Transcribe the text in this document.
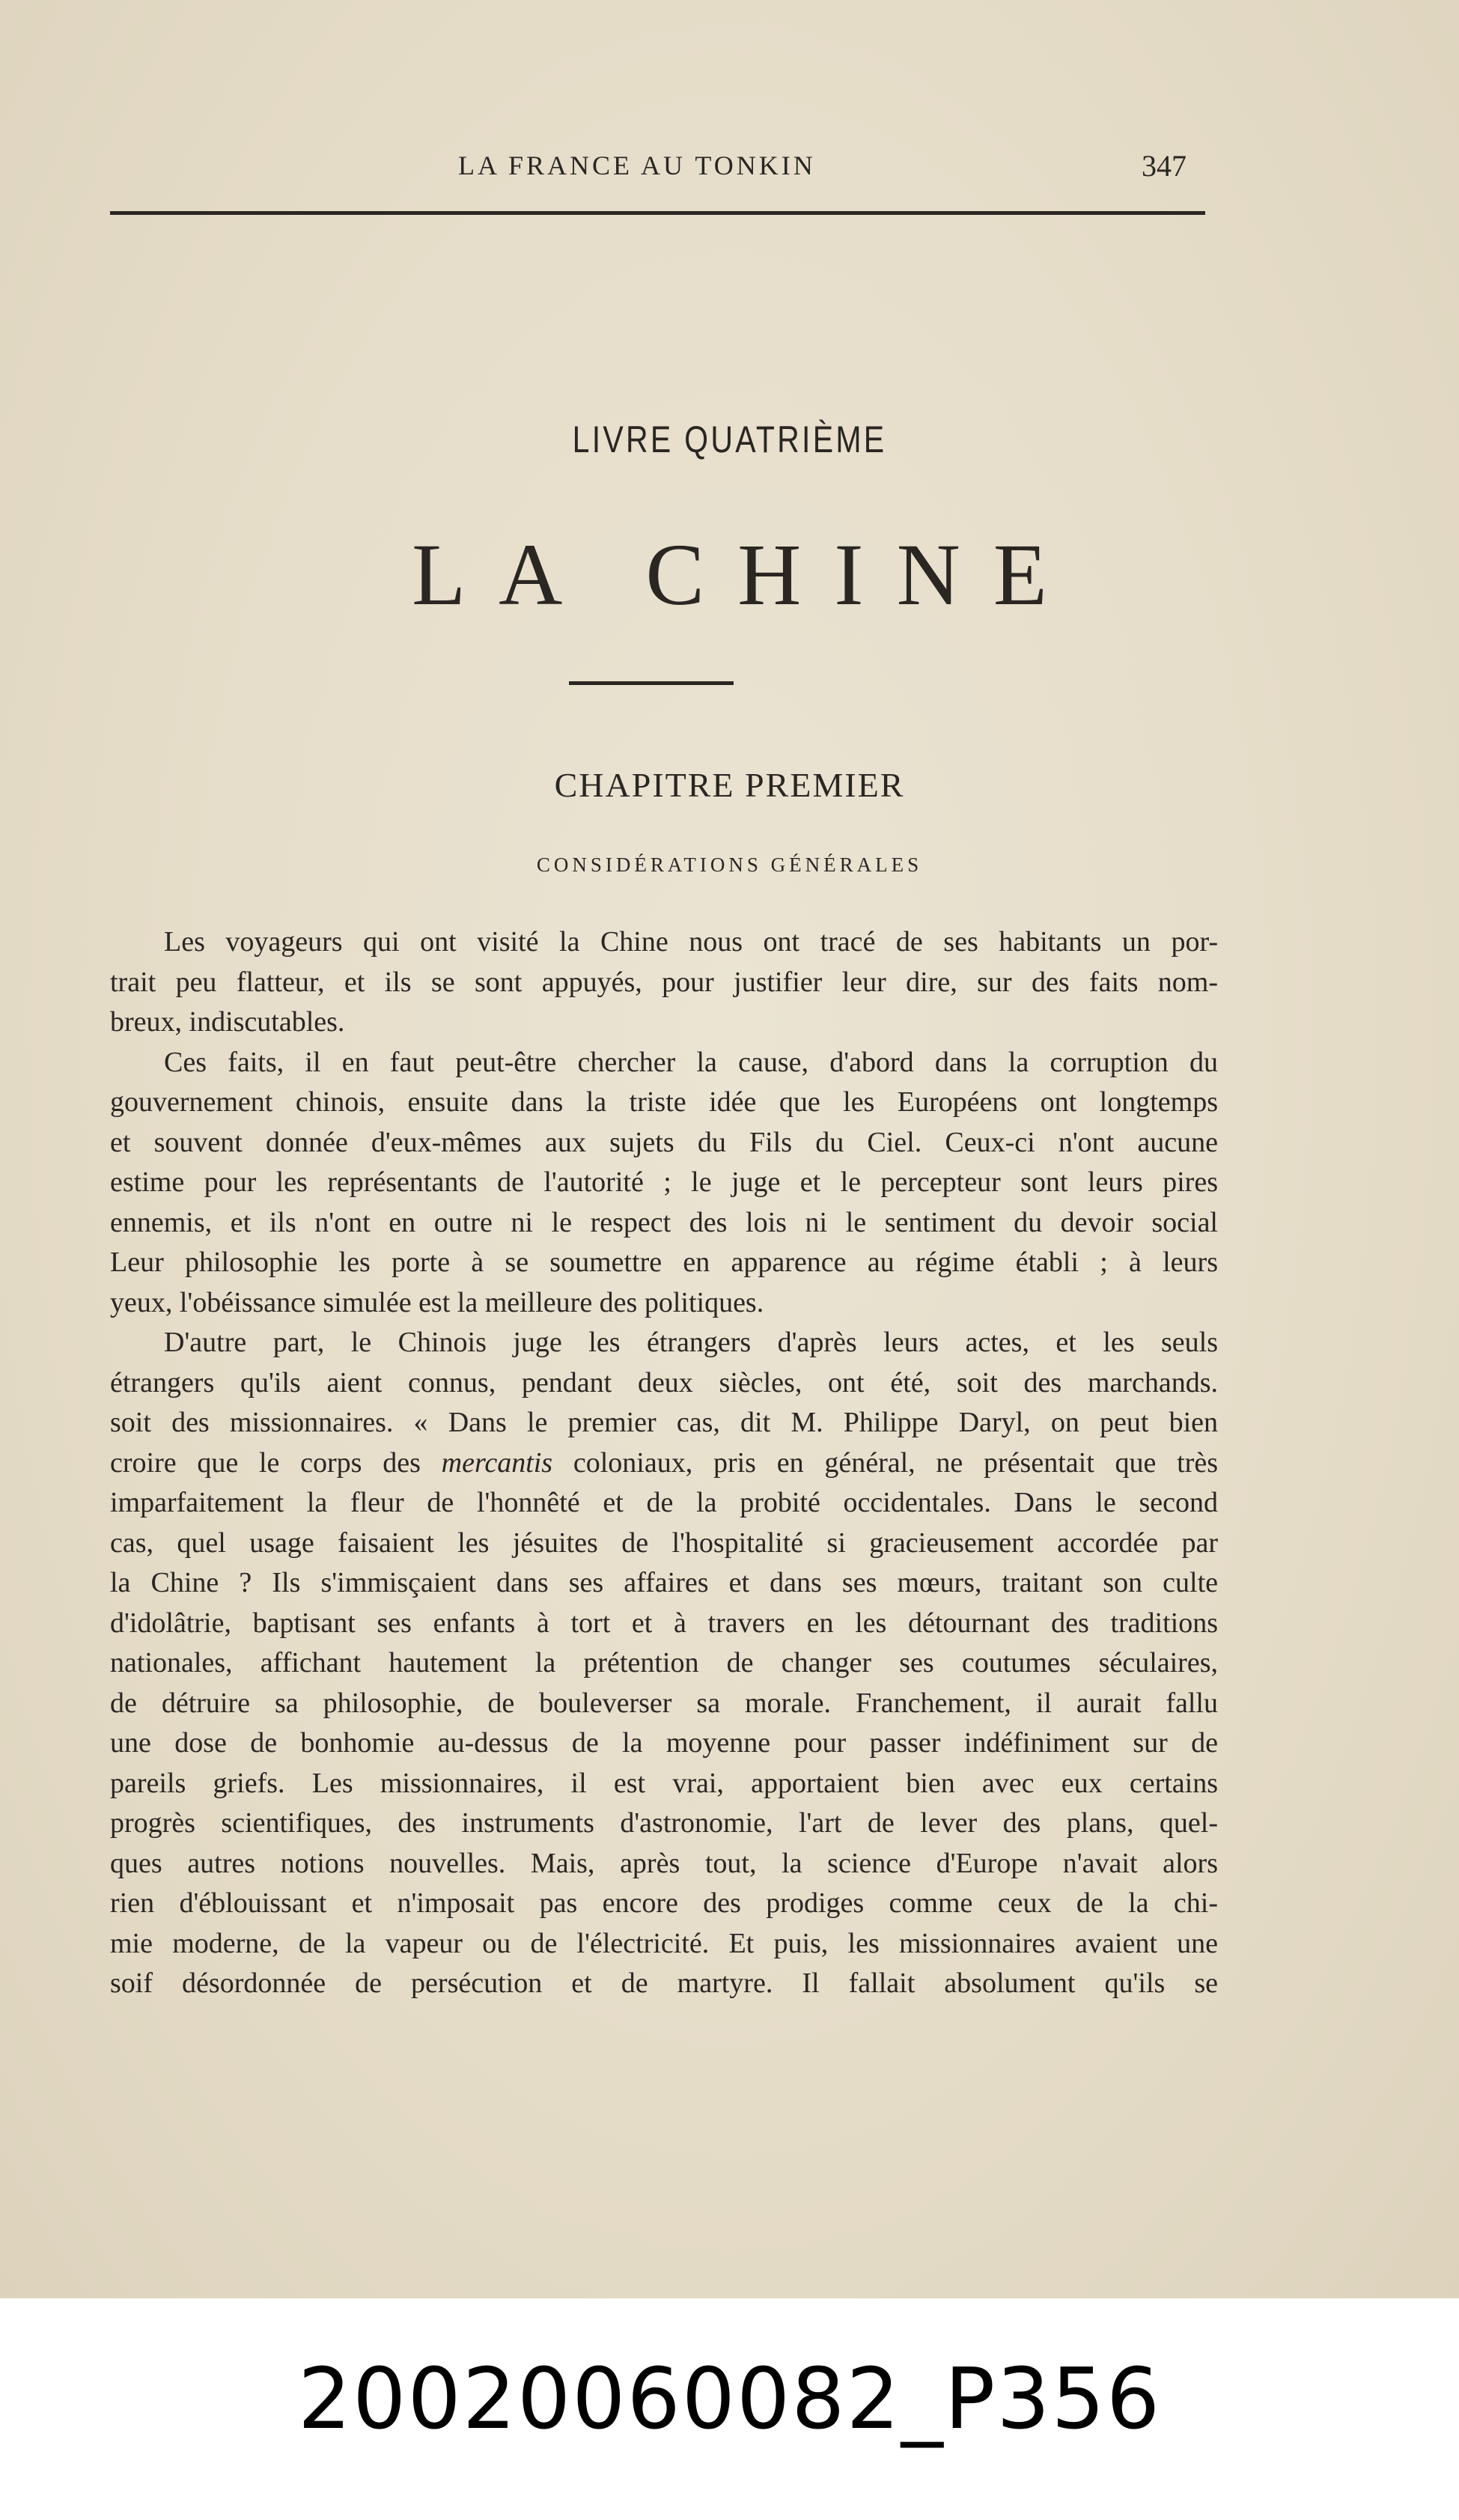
LA FRANCE AU TONKIN	347
LIVRE QUATRIÈME
LA CHINE
CHAPITRE PREMIER
CONSIDÉRATIONS GÉNÉRALES
Les voyageurs qui ont visité la Chine nous ont tracé de ses habitants un por-
trait peu flatteur, et ils se sont appuyés, pour justifier leur dire, sur des faits nom-
breux, indiscutables.
Ces faits, il en faut peut-être chercher la cause, d'abord dans la corruption du
gouvernement chinois, ensuite dans la triste idée que les Européens ont longtemps
et souvent donnée d'eux-mêmes aux sujets du Fils du Ciel. Ceux-ci n'ont aucune
estime pour les représentants de l'autorité ; le juge et le percepteur sont leurs pires
ennemis, et ils n'ont en outre ni le respect des lois ni le sentiment du devoir social
Leur philosophie les porte à se soumettre en apparence au régime établi ; à leurs
yeux, l'obéissance simulée est la meilleure des politiques.
D'autre part, le Chinois juge les étrangers d'après leurs actes, et les seuls
étrangers qu'ils aient connus, pendant deux siècles, ont été, soit des marchands.
soit des missionnaires. « Dans le premier cas, dit M. Philippe Daryl, on peut bien
croire que le corps des mercantis coloniaux, pris en général, ne présentait que très
imparfaitement la fleur de l'honnêté et de la probité occidentales. Dans le second
cas, quel usage faisaient les jésuites de l'hospitalité si gracieusement accordée par
la Chine ? Ils s'immisçaient dans ses affaires et dans ses mœurs, traitant son culte
d'idolâtrie, baptisant ses enfants à tort et à travers en les détournant des traditions
nationales, affichant hautement la prétention de changer ses coutumes séculaires,
de détruire sa philosophie, de bouleverser sa morale. Franchement, il aurait fallu
une dose de bonhomie au-dessus de la moyenne pour passer indéfiniment sur de
pareils griefs. Les missionnaires, il est vrai, apportaient bien avec eux certains
progrès scientifiques, des instruments d'astronomie, l'art de lever des plans, quel-
ques autres notions nouvelles. Mais, après tout, la science d'Europe n'avait alors
rien d'éblouissant et n'imposait pas encore des prodiges comme ceux de la chi-
mie moderne, de la vapeur ou de l'électricité. Et puis, les missionnaires avaient une
soif désordonnée de persécution et de martyre. Il fallait absolument qu'ils se
20020060082_P356
